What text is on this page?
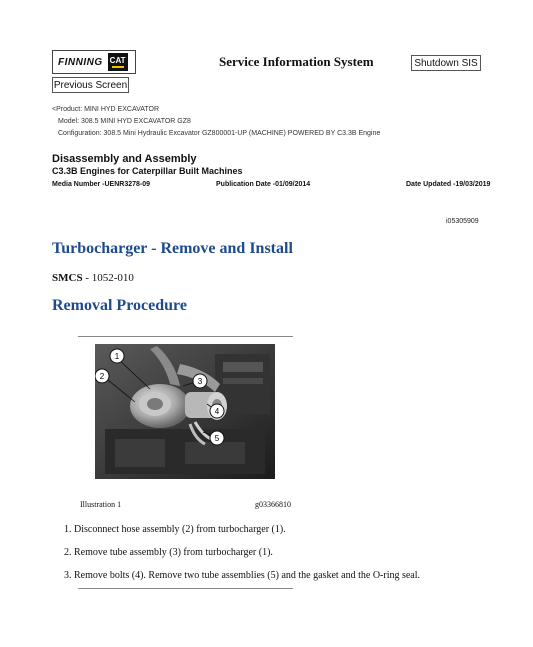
FINNING CAT	Service Information System	Shutdown SIS
Previous Screen
<Product: MINI HYD EXCAVATOR
Model: 308.5 MINI HYD EXCAVATOR GZ8
Configuration: 308.5 Mini Hydraulic Excavator GZ800001-UP (MACHINE) POWERED BY C3.3B Engine
Disassembly and Assembly
C3.3B Engines for Caterpillar Built Machines
Media Number -UENR3278-09	Publication Date -01/09/2014	Date Updated -19/03/2019
i05305909
Turbocharger - Remove and Install
SMCS - 1052-010
Removal Procedure
1
2
3
4
5
Illustration 1	g03366810
1. Disconnect hose assembly (2) from turbocharger (1).
2. Remove tube assembly (3) from turbocharger (1).
3. Remove bolts (4). Remove two tube assemblies (5) and the gasket and the O-ring seal.
